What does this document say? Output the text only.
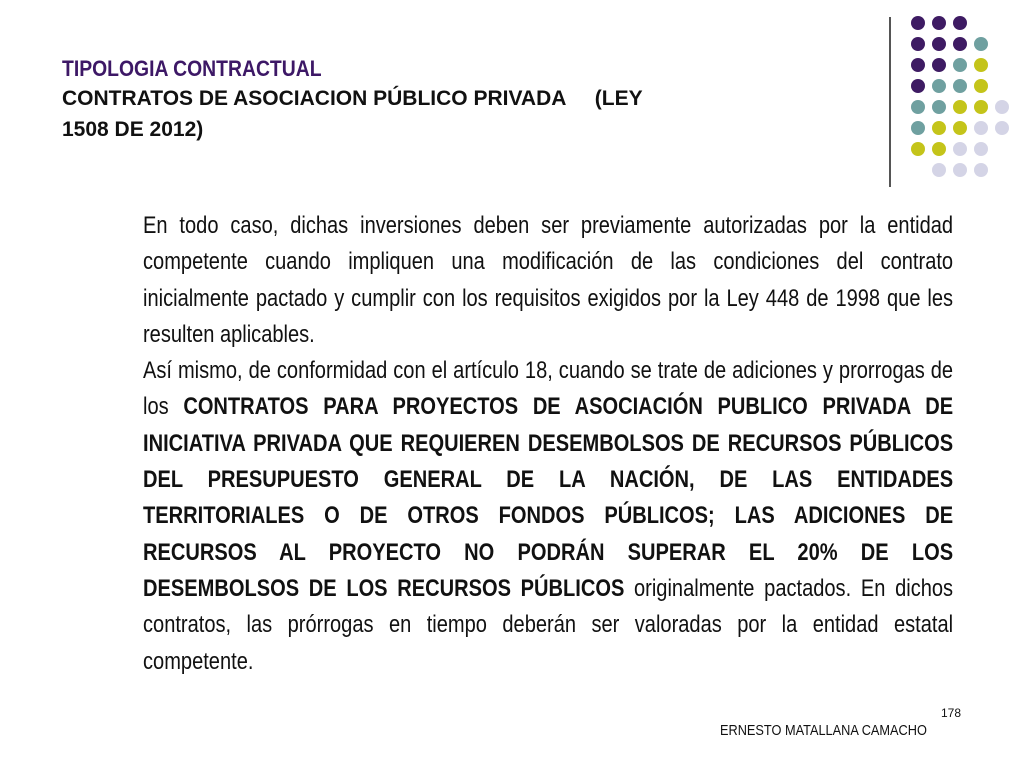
TIPOLOGIA CONTRACTUAL
CONTRATOS DE ASOCIACION PÚBLICO PRIVADA     (LEY
1508 DE 2012)

En todo caso, dichas inversiones deben ser previamente autorizadas por la entidad competente cuando impliquen una modificación de las condiciones del contrato inicialmente pactado y cumplir con los requisitos exigidos por la Ley 448 de 1998 que les resulten aplicables.

Así mismo, de conformidad con el artículo 18, cuando se trate de adiciones y prorrogas de los CONTRATOS PARA PROYECTOS DE ASOCIACIÓN PUBLICO PRIVADA DE INICIATIVA PRIVADA QUE REQUIEREN DESEMBOLSOS DE RECURSOS PÚBLICOS DEL PRESUPUESTO GENERAL DE LA NACIÓN, DE LAS ENTIDADES TERRITORIALES O DE OTROS FONDOS PÚBLICOS; LAS ADICIONES DE RECURSOS AL PROYECTO NO PODRÁN SUPERAR EL 20% DE LOS DESEMBOLSOS DE LOS RECURSOS PÚBLICOS originalmente pactados. En dichos contratos, las prórrogas en tiempo deberán ser valoradas por la entidad estatal competente.

178
ERNESTO MATALLANA CAMACHO
